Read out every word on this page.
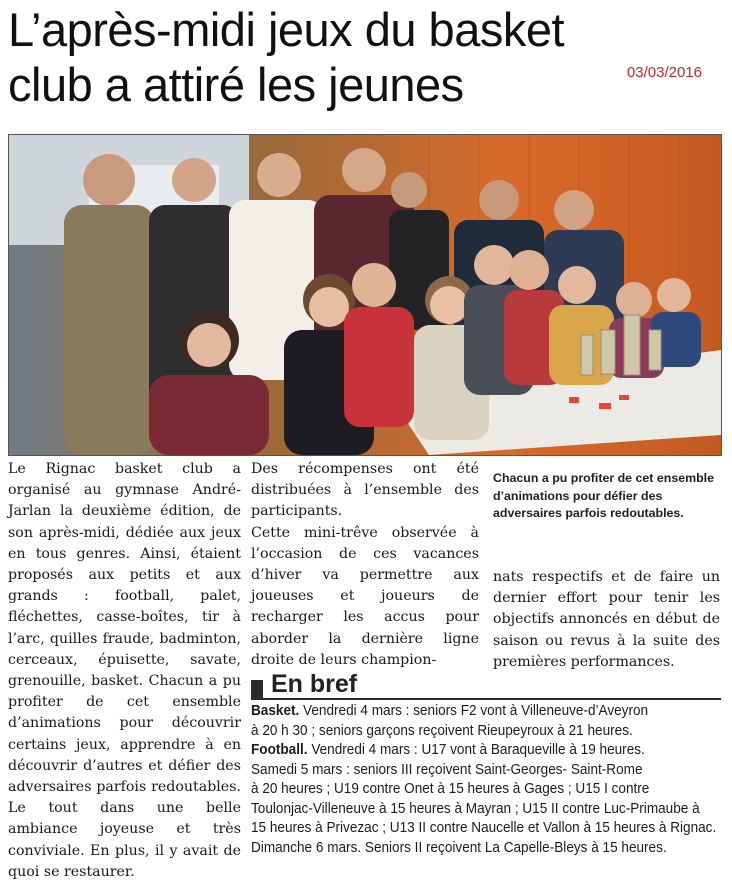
L’après-midi jeux du basket
club a attiré les jeunes	03/03/2016

Le Rignac basket club a organisé au gymnase André-Jarlan la deuxième édition, de son après-midi, dédiée aux jeux en tous genres. Ainsi, étaient proposés aux petits et aux grands : football, palet, fléchettes, casse-boîtes, tir à l’arc, quilles fraude, badminton, cerceaux, épuisette, savate, grenouille, basket. Chacun a pu profiter de cet ensemble d’animations pour découvrir certains jeux, apprendre à en découvrir d’autres et défier des adversaires parfois redoutables. Le tout dans une belle ambiance joyeuse et très conviviale. En plus, il y avait de quoi se restaurer.

Des récompenses ont été distribuées à l’ensemble des participants.

Cette mini-trêve observée à l’occasion de ces vacances d’hiver va permettre aux joueuses et joueurs de recharger les accus pour aborder la dernière ligne droite de leurs champion-

Chacun a pu profiter de cet ensemble d’animations pour défier des adversaires parfois redoutables.
nats respectifs et de faire un dernier effort pour tenir les objectifs annoncés en début de saison ou revus à la suite des premières performances.
En bref
Basket. Vendredi 4 mars : seniors F2 vont à Villeneuve-d’Aveyron
à 20 h 30 ; seniors garçons reçoivent Rieupeyroux à 21 heures.
Football. Vendredi 4 mars : U17 vont à Baraqueville à 19 heures.
Samedi 5 mars : seniors III reçoivent Saint-Georges- Saint-Rome
à 20 heures ; U19 contre Onet à 15 heures à Gages ; U15 I contre
Toulonjac-Villeneuve à 15 heures à Mayran ; U15 II contre Luc-Primaube à
15 heures à Privezac ; U13 II contre Naucelle et Vallon à 15 heures à Rignac.
Dimanche 6 mars. Seniors II reçoivent La Capelle-Bleys à 15 heures.
